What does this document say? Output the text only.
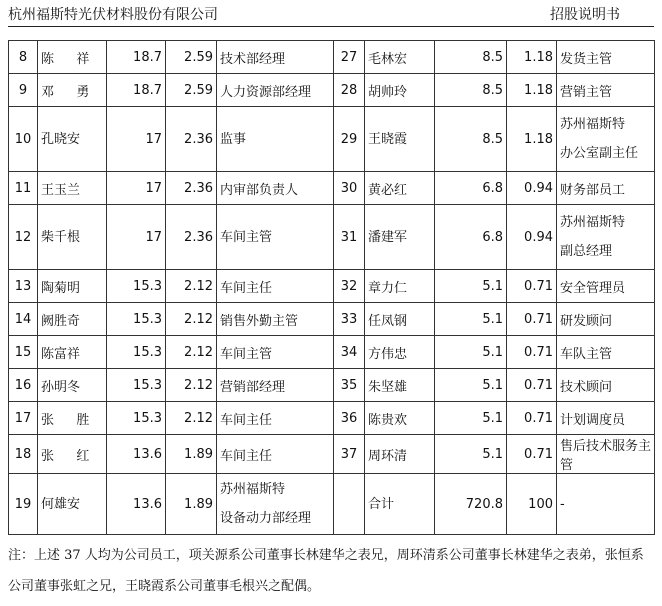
杭州福斯特光伏材料股份有限公司	招股说明书
8	陈 祥	18.7	2.59	技术部经理	27	毛林宏	8.5	1.18	发货主管
9	邓 勇	18.7	2.59	人力资源部经理	28	胡帅玲	8.5	1.18	营销主管
10	孔晓安	17	2.36	监事	29	王晓霞	8.5	1.18	苏州福斯特
办公室副主任
11	王玉兰	17	2.36	内审部负责人	30	黄必红	6.8	0.94	财务部员工
12	柴千根	17	2.36	车间主管	31	潘建军	6.8	0.94	苏州福斯特
副总经理
13	陶菊明	15.3	2.12	车间主任	32	章力仁	5.1	0.71	安全管理员
14	阙胜奇	15.3	2.12	销售外勤主管	33	任凤钢	5.1	0.71	研发顾问
15	陈富祥	15.3	2.12	车间主管	34	方伟忠	5.1	0.71	车队主管
16	孙明冬	15.3	2.12	营销部经理	35	朱坚雄	5.1	0.71	技术顾问
17	张 胜	15.3	2.12	车间主任	36	陈贵欢	5.1	0.71	计划调度员
18	张 红	13.6	1.89	车间主任	37	周环清	5.1	0.71	售后技术服务主管
19	何雄安	13.6	1.89	苏州福斯特
设备动力部经理		合计	720.8	100	-
注：上述 37 人均为公司员工，项关源系公司董事长林建华之表兄，周环清系公司董事长林建华之表弟，张恒系公司董事张虹之兄，王晓霞系公司董事毛根兴之配偶。
